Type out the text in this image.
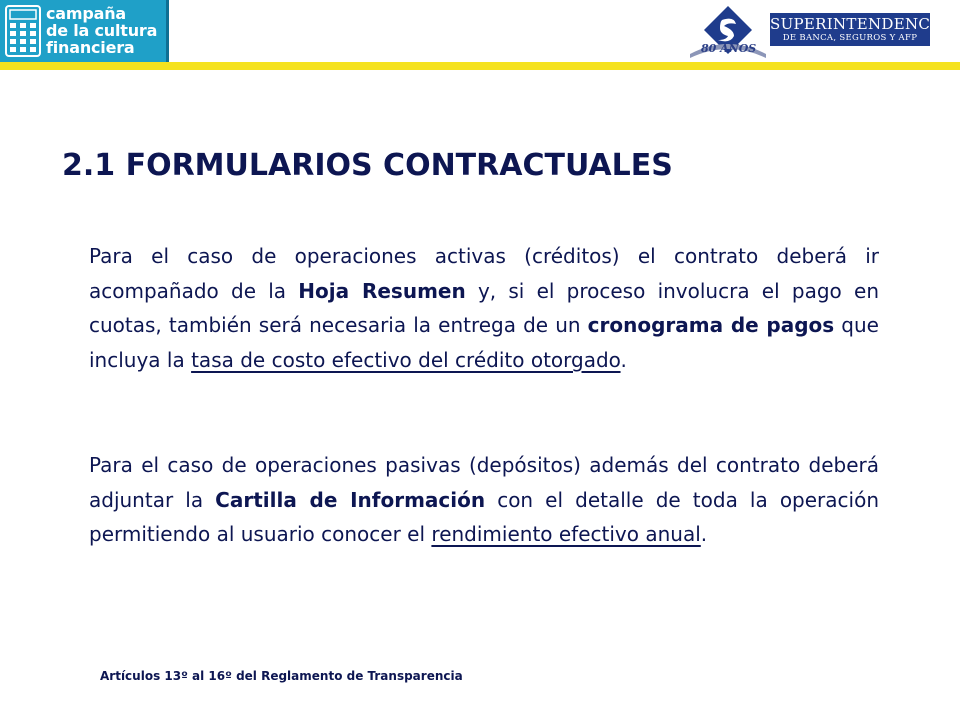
campaña
de la cultura
financiera	80 AÑOS
SUPERINTENDENCIA
DE BANCA, SEGUROS Y AFP
2.1 FORMULARIOS CONTRACTUALES
Para el caso de operaciones activas (créditos) el contrato deberá ir acompañado de la Hoja Resumen y, si el proceso involucra el pago en cuotas, también será necesaria la entrega de un cronograma de pagos que incluya la tasa de costo efectivo del crédito otorgado.
Para el caso de operaciones pasivas (depósitos) además del contrato deberá adjuntar la Cartilla de Información con el detalle de toda la operación permitiendo al usuario conocer el rendimiento efectivo anual.
Artículos 13º al 16º del Reglamento de Transparencia
